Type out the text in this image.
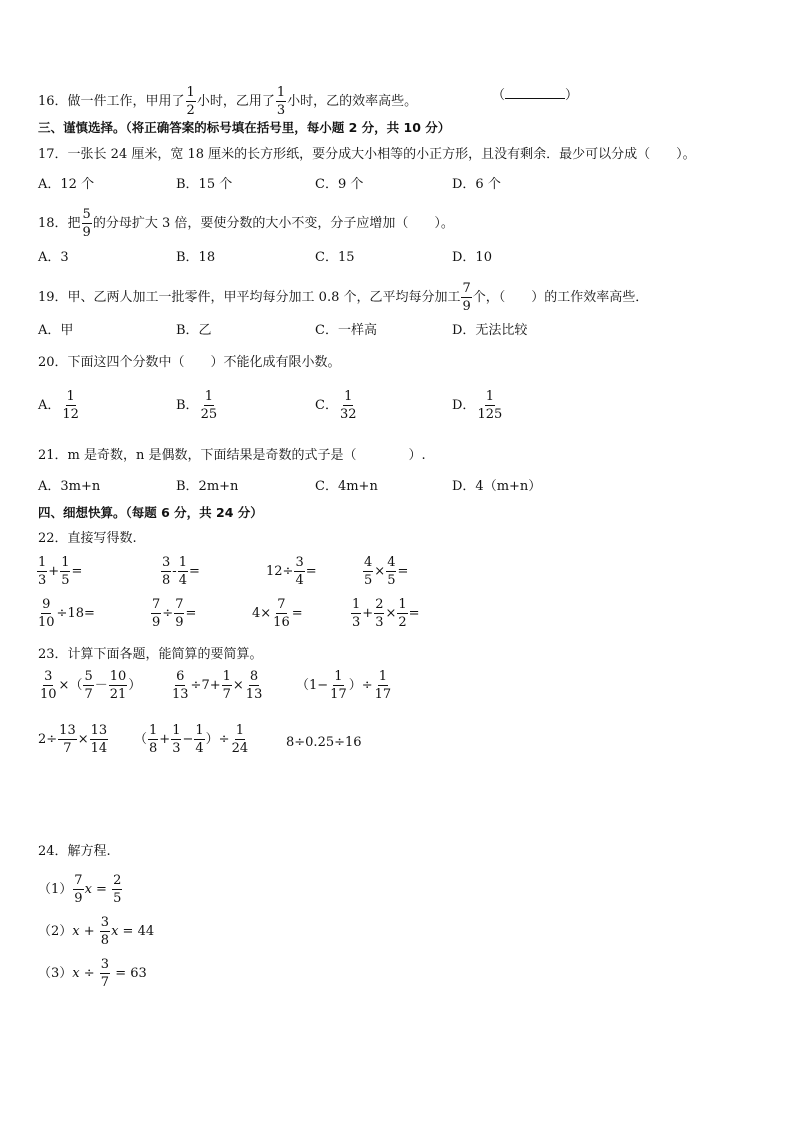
16．做一件工作，甲用了 $\frac{1}{2}$ 小时，乙用了 $\frac{1}{3}$ 小时，乙的效率高些。	（	）
三、谨慎选择。（将正确答案的标号填在括号里，每小题 2 分，共 10 分）
17．一张长 24 厘米，宽 18 厘米的长方形纸，要分成大小相等的小正方形，且没有剩余．最少可以分成（　　）。
A．12 个	B．15 个	C．9 个	D．6 个
18．把 $\frac{5}{9}$ 的分母扩大 3 倍，要使分数的大小不变，分子应增加（　　）。
A．3	B．18	C．15	D．10
19．甲、乙两人加工一批零件，甲平均每分加工 0.8 个，乙平均每分加工 $\frac{7}{9}$ 个，（　　）的工作效率高些．
A．甲	B．乙	C．一样高	D．无法比较
20．下面这四个分数中（　　）不能化成有限小数。
A． $\frac{1}{12}$	B． $\frac{1}{25}$	C． $\frac{1}{32}$	D． $\frac{1}{125}$
21．m 是奇数，n 是偶数，下面结果是奇数的式子是（　　　　）.
A．3m+n	B．2m+n	C．4m+n	D．4（m+n）
四、细想快算。（每题 6 分，共 24 分）
22．直接写得数.
$\frac{1}{3} + \frac{1}{5}$ =	$\frac{3}{8} - \frac{1}{4}$ =	$12\div \frac{3}{4}$ =	$\frac{4}{5} \times \frac{4}{5}$ =
$\frac{9}{10} \div 18=$	$\frac{7}{9} \div \frac{7}{9}$ =	$4\times \frac{7}{16}$ =	$\frac{1}{3} + \frac{2}{3} \times \frac{1}{2}$ =
23．计算下面各题，能简算的要简算。
$\frac{3}{10}$ ×（ $\frac{5}{7} - \frac{10}{21}$ ） $\frac{6}{13} \div 7+ \frac{1}{7} \times \frac{8}{13}$	（$1- \frac{1}{17}$ ）÷ $\frac{1}{17}$
$2\div \frac{13}{7} \times \frac{13}{14}$ （ $\frac{1}{8} + \frac{1}{3} - \frac{1}{4}$ ）÷ $\frac{1}{24}$	8÷0.25÷16
24．解方程.
$(1) \frac{7}{9}$ $x = \frac{2}{5}$
$(2)x + \frac{3}{8}$ x = 44
$(3)x \div \frac{3}{7} = 63$
